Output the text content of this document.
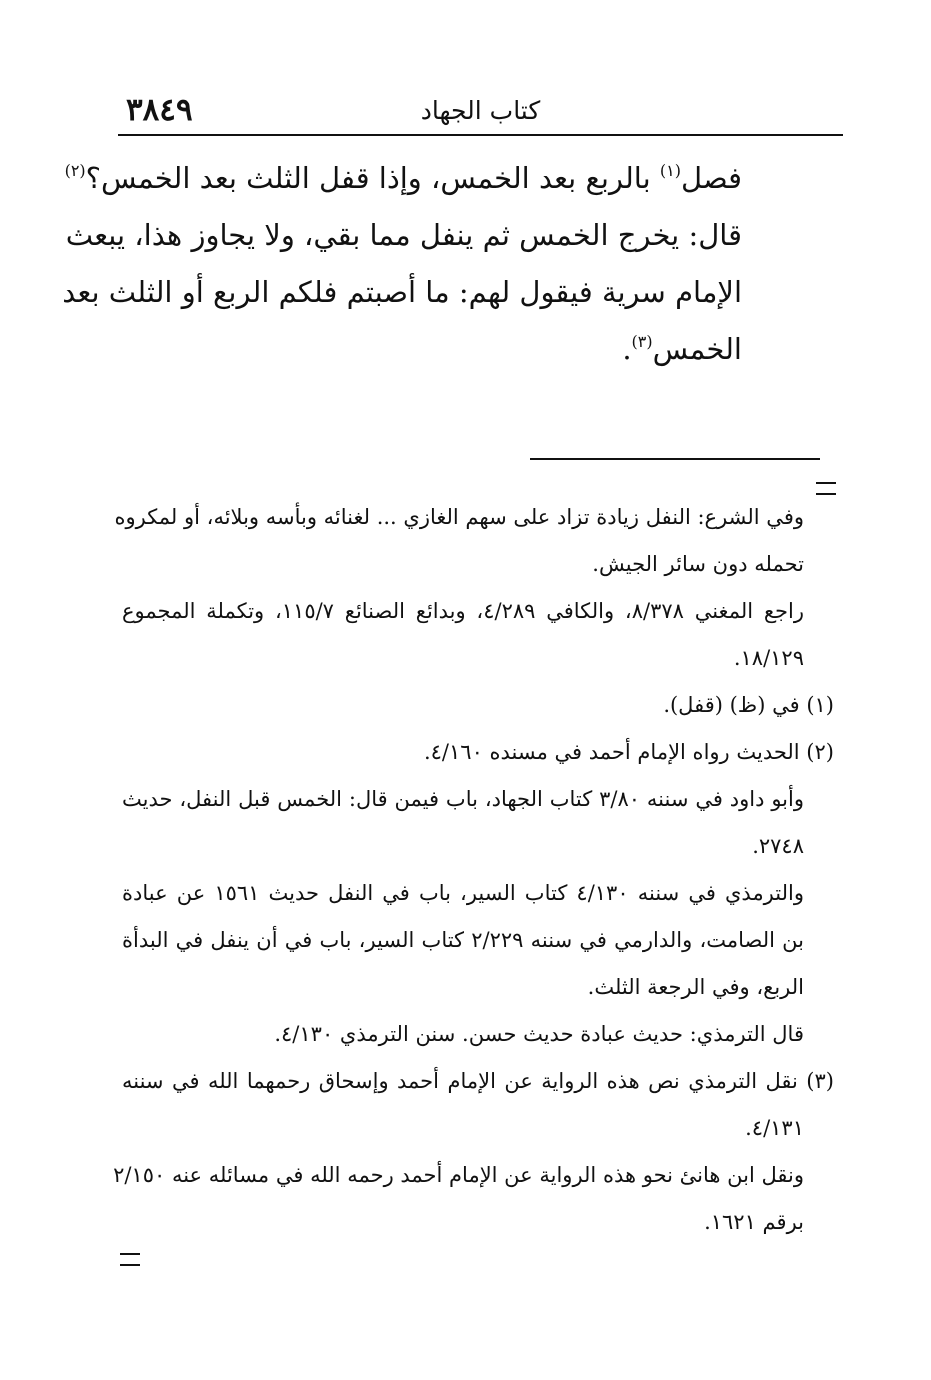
٣٨٤٩	كتاب الجهاد

فصل$^{(١)}$ بالربع بعد الخمس، وإذا قفل الثلث بعد الخمس؟$^{(٢)}$

قال: يخرج الخمس ثم ينفل مما بقي، ولا يجاوز هذا، يبعث

الإمام سرية فيقول لهم: ما أصبتم فلكم الربع أو الثلث بعد

الخمس$^{(٣)}$.

وفي الشرع: النفل زيادة تزاد على سهم الغازي ... لغنائه وبأسه وبلائه، أو لمكروه

تحمله دون سائر الجيش.

راجع المغني ٨/٣٧٨، والكافي ٤/٢٨٩، وبدائع الصنائع ١١٥/٧، وتكملة المجموع

١٨/١٢٩.

(١) في (ظ) (قفل).

(٢) الحديث رواه الإمام أحمد في مسنده ٤/١٦٠.

وأبو داود في سننه ٣/٨٠ كتاب الجهاد، باب فيمن قال: الخمس قبل النفل، حديث

٢٧٤٨.

والترمذي في سننه ٤/١٣٠ كتاب السير، باب في النفل حديث ١٥٦١ عن عبادة

بن الصامت، والدارمي في سننه ٢/٢٢٩ كتاب السير، باب في أن ينفل في البدأة

الربع، وفي الرجعة الثلث.

قال الترمذي: حديث عبادة حديث حسن. سنن الترمذي ٤/١٣٠.

(٣) نقل الترمذي نص هذه الرواية عن الإمام أحمد وإسحاق رحمهما الله في سننه

٤/١٣١.

ونقل ابن هانئ نحو هذه الرواية عن الإمام أحمد رحمه الله في مسائله عنه ٢/١٥٠

برقم ١٦٢١.
